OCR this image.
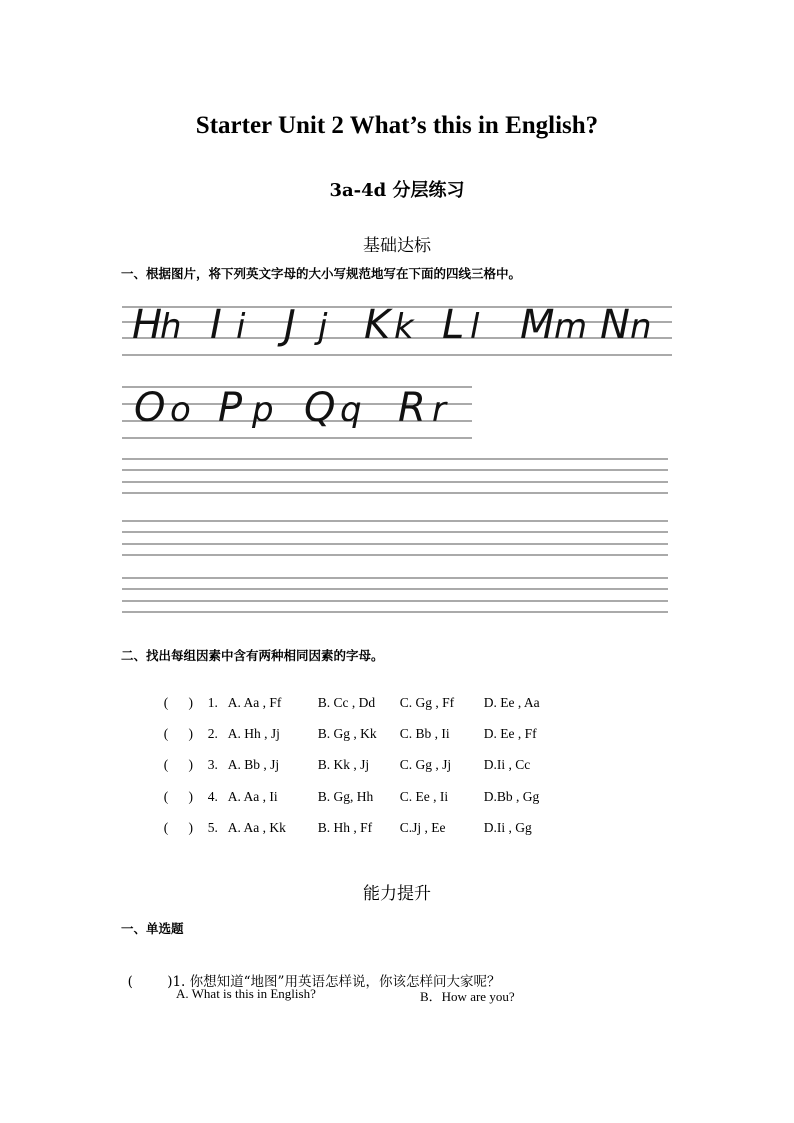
Starter Unit 2 What’s this in English?
3a-4d 分层练习
基础达标
一、根据图片，将下列英文字母的大小写规范地写在下面的四线三格中。
H
h I i J j K k L l M m N n
O o P p Q q R r
二、找出每组因素中含有两种相同因素的字母。

(      ) 1. A. Aa , Ff	B. Cc , Dd C. Gg , Ff D. Ee , Aa

(      ) 2. A. Hh , Jj	B. Gg , Kk C. Bb , Ii	D. Ee , Ff

(      ) 3. A. Bb , Jj	B. Kk , Jj C. Gg , Jj D.Ii , Cc

(      ) 4. A. Aa , Ii	B. Gg, Hh C. Ee , Ii	D.Bb , Gg

(      ) 5. A. Aa , Kk B. Hh , Ff C.Jj , Ee	D.Ii , Gg

能力提升
一、单选题

(        )1. 你想知道“地图”用英语怎样说，你该怎样问大家呢？

A. What is this in English?	B．How are you?
